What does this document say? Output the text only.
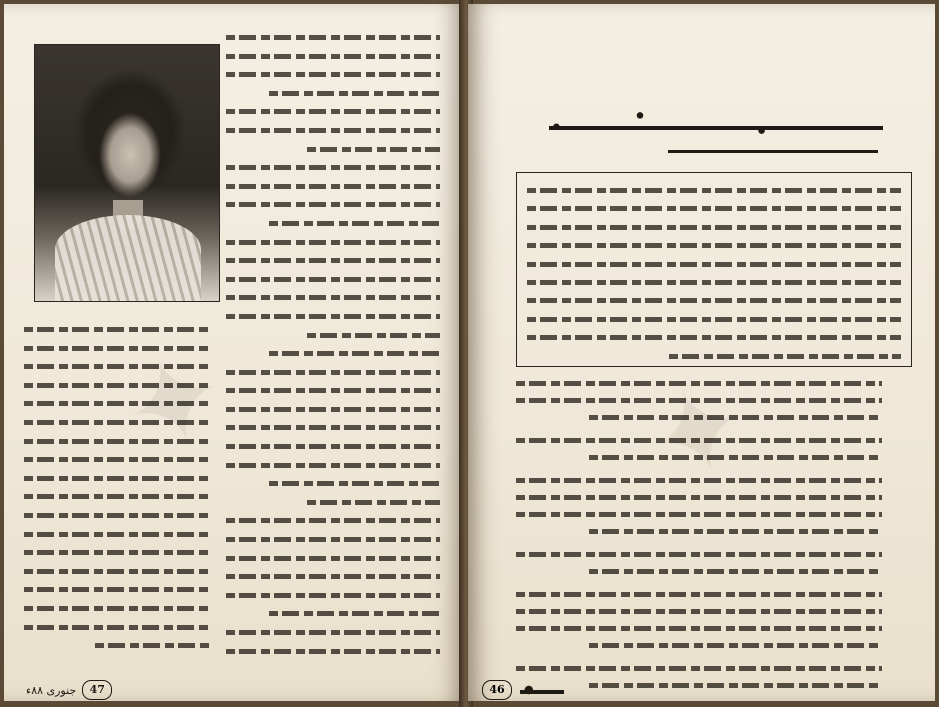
47
جنوری ۸۸ء	46
